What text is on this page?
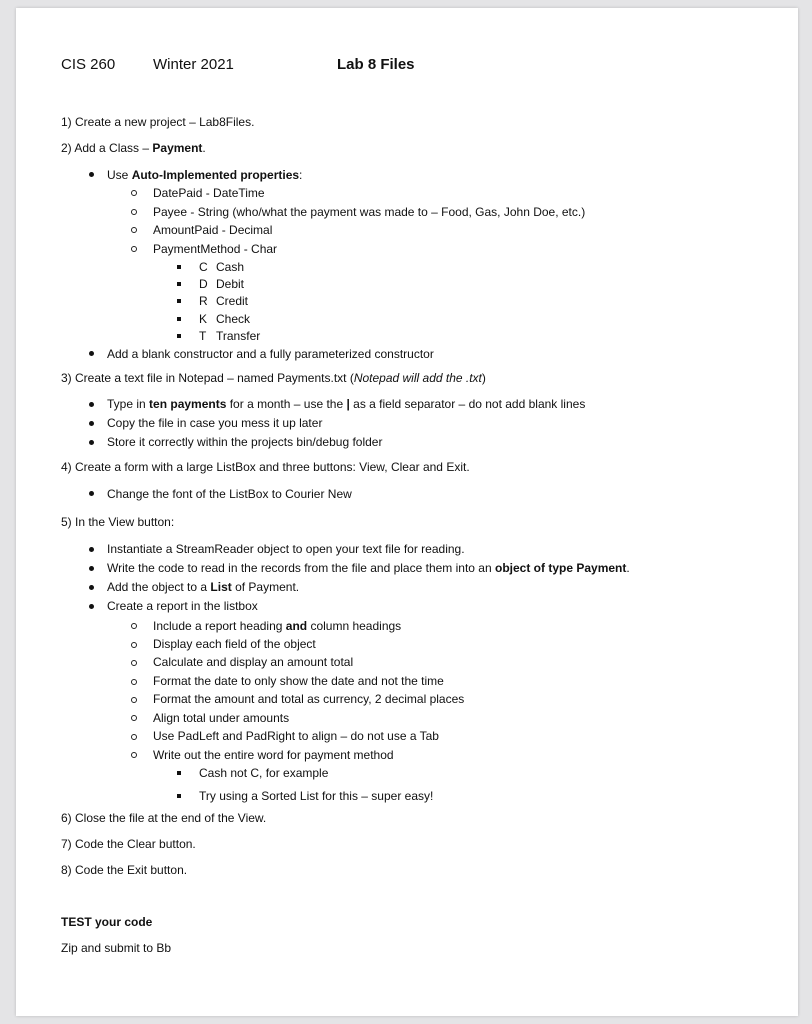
CIS 260	Winter 2021	Lab 8 Files
1) Create a new project – Lab8Files.
2) Add a Class – Payment.
Use Auto-Implemented properties:
DatePaid - DateTime
Payee - String (who/what the payment was made to – Food, Gas, John Doe, etc.)
AmountPaid - Decimal
PaymentMethod - Char
C Cash
D Debit
R Credit
K Check
T Transfer
Add a blank constructor and a fully parameterized constructor
3) Create a text file in Notepad – named Payments.txt (Notepad will add the .txt)
Type in ten payments for a month – use the | as a field separator – do not add blank lines
Copy the file in case you mess it up later
Store it correctly within the projects bin/debug folder
4) Create a form with a large ListBox and three buttons: View, Clear and Exit.
Change the font of the ListBox to Courier New
5) In the View button:
Instantiate a StreamReader object to open your text file for reading.
Write the code to read in the records from the file and place them into an object of type Payment.
Add the object to a List of Payment.
Create a report in the listbox
Include a report heading and column headings
Display each field of the object
Calculate and display an amount total
Format the date to only show the date and not the time
Format the amount and total as currency, 2 decimal places
Align total under amounts
Use PadLeft and PadRight to align – do not use a Tab
Write out the entire word for payment method
Cash not C, for example
Try using a Sorted List for this – super easy!
6) Close the file at the end of the View.
7) Code the Clear button.
8) Code the Exit button.
TEST your code
Zip and submit to Bb
